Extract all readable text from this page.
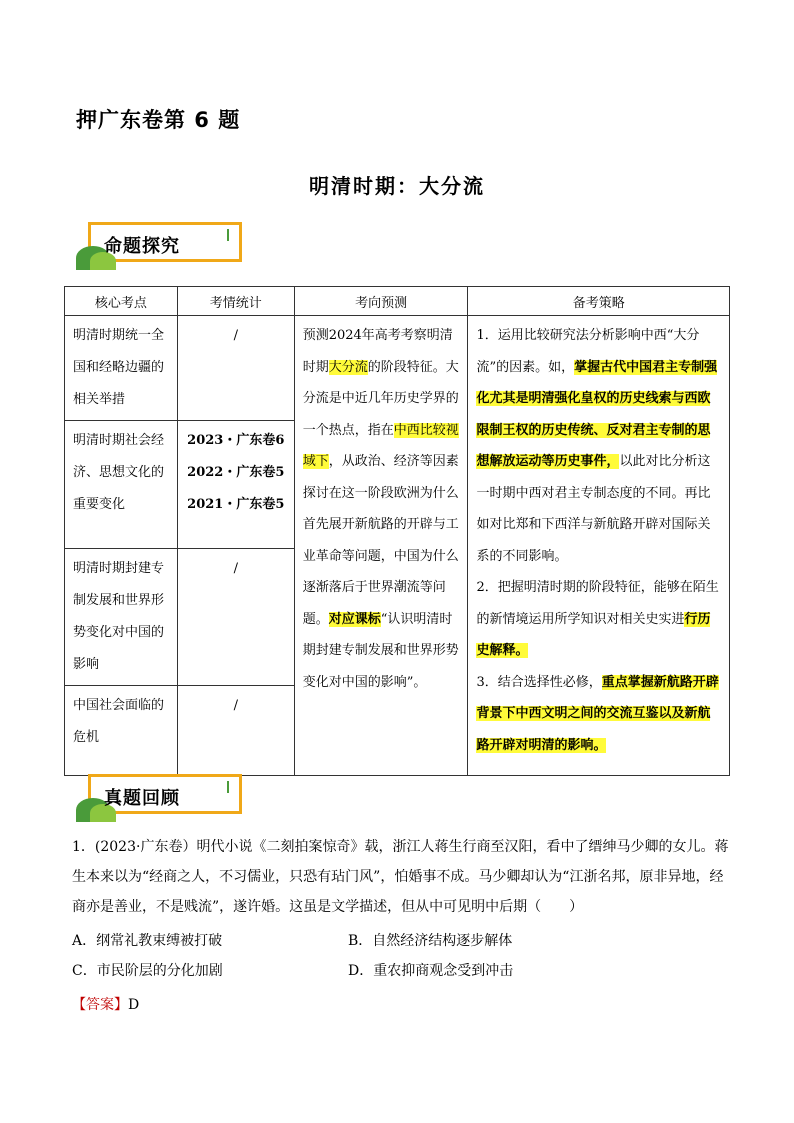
押广东卷第 6 题
明清时期：大分流
命题探究
核心考点	考情统计	考向预测	备考策略

明清时期统一全国和经略边疆的相关举措	/	预测2024年高考考察明清时期大分流的阶段特征。大分流是中近几年历史学界的一个热点，指在中西比较视域下，从政治、经济等因素探讨在这一阶段欧洲为什么首先展开新航路的开辟与工业革命等问题，中国为什么逐渐落后于世界潮流等问题。对应课标“认识明清时期封建专制发展和世界形势变化对中国的影响”。	1．运用比较研究法分析影响中西“大分流”的因素。如，掌握古代中国君主专制强化尤其是明清强化皇权的历史线索与西欧限制王权的历史传统、反对君主专制的思想解放运动等历史事件，以此对比分析这一时期中西对君主专制态度的不同。再比如对比郑和下西洋与新航路开辟对国际关系的不同影响。
2．把握明清时期的阶段特征，能够在陌生的新情境运用所学知识对相关史实进行历史解释。
3．结合选择性必修，重点掌握新航路开辟背景下中西文明之间的交流互鉴以及新航路开辟对明清的影响。

明清时期社会经济、思想文化的重要变化	2023・广东卷6
2022・广东卷5
2021・广东卷5		

明清时期封建专制发展和世界形势变化对中国的影响	/		

中国社会面临的危机	/		
真题回顾
1．(2023·广东卷）明代小说《二刻拍案惊奇》载，浙江人蒋生行商至汉阳，看中了缙绅马少卿的女儿。蒋生本来以为“经商之人，不习儒业，只恐有玷门风”，怕婚事不成。马少卿却认为“江浙名邦，原非异地，经商亦是善业，不是贱流”，遂许婚。这虽是文学描述，但从中可见明中后期（　　）
A．纲常礼教束缚被打破	B．自然经济结构逐步解体
C．市民阶层的分化加剧	D．重农抑商观念受到冲击
【答案】D
